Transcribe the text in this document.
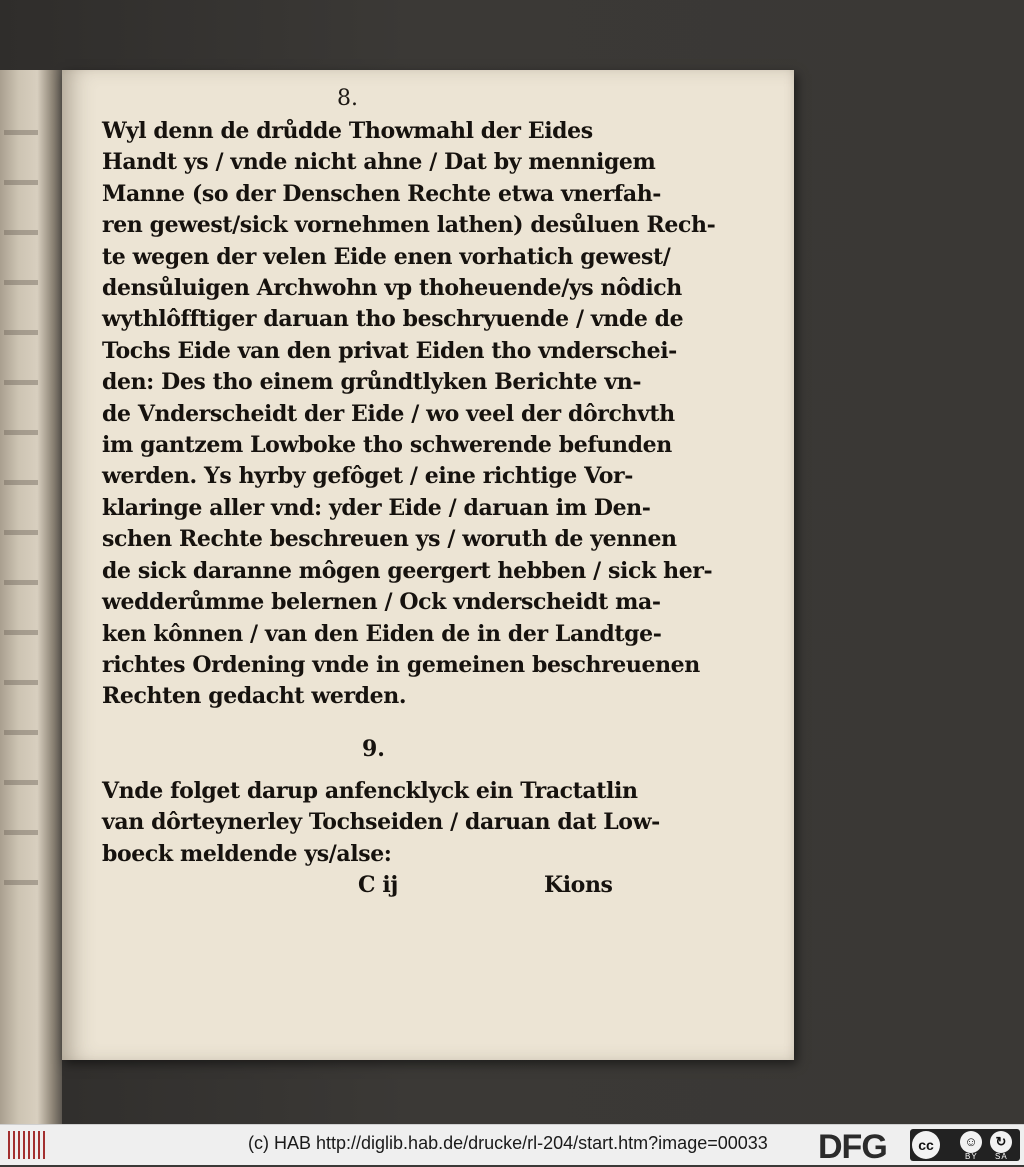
8.
Wyl denn de drůdde Thowmahl der Eides
Handt ys / vnde nicht ahne / Dat by mennigem
Manne (so der Denschen Rechte etwa vnerfah-
ren gewest/sick vornehmen lathen) desůluen Rech-
te wegen der velen Eide enen vorhatich gewest/
densůluigen Archwohn vp thoheuende/ys nôdich
wythlôfftiger daruan tho beschryuende / vnde de
Tochs Eide van den privat Eiden tho vnderschei-
den: Des tho einem grůndtlyken Berichte vn-
de Vnderscheidt der Eide / wo veel der dôrchvth
im gantzem Lowboke tho schwerende befunden
werden. Ys hyrby gefôget / eine richtige Vor-
klaringe aller vnd: yder Eide / daruan im Den-
schen Rechte beschreuen ys / woruth de yennen
de sick daranne môgen geergert hebben / sick her-
wedderůmme belernen / Ock vnderscheidt ma-
ken kônnen / van den Eiden de in der Landtge-
richtes Ordening vnde in gemeinen beschreuenen
Rechten gedacht werden.
9.
Vnde folget darup anfencklyck ein Tractatlin
van dôrteynerley Tochseiden / daruan dat Low-
boeck meldende ys/alse:
C ij	Kions
(c) HAB http://diglib.hab.de/drucke/rl-204/start.htm?image=00033 DFG	cc	☺	↻
BY SA
